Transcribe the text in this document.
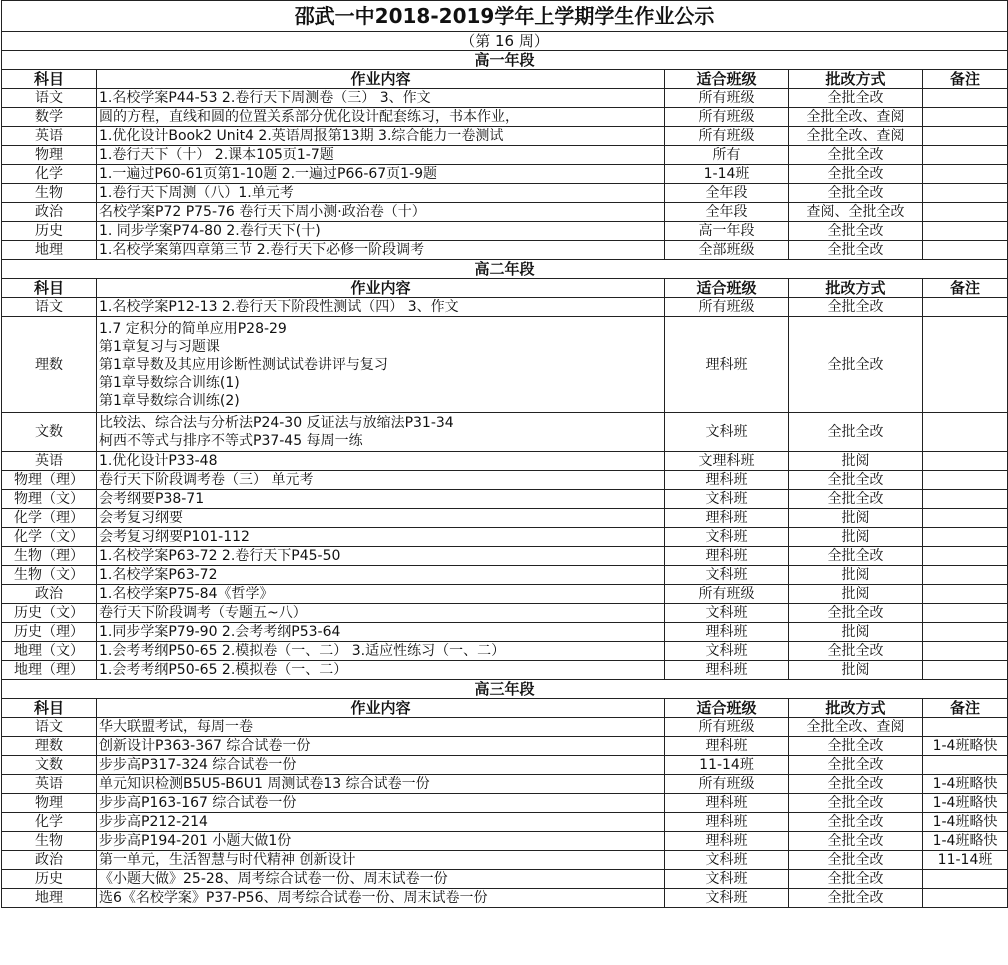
邵武一中2018-2019学年上学期学生作业公示				
（第 16 周）				
高一年段				
科目	作业内容	适合班级	批改方式	备注
语文	1.名校学案P44-53 2.卷行天下周测卷（三） 3、作文	所有班级	全批全改	
数学	圆的方程，直线和圆的位置关系部分优化设计配套练习，书本作业，	所有班级	全批全改、查阅	
英语	1.优化设计Book2 Unit4 2.英语周报第13期 3.综合能力一卷测试	所有班级	全批全改、查阅	
物理	1.卷行天下（十） 2.课本105页1-7题	所有	全批全改	
化学	1.一遍过P60-61页第1-10题 2.一遍过P66-67页1-9题	1-14班	全批全改	
生物	1.卷行天下周测（八）1.单元考	全年段	全批全改	
政治	名校学案P72 P75-76 卷行天下周小测·政治卷（十）	全年段	查阅、全批全改	
历史	1. 同步学案P74-80 2.卷行天下(十)	高一年段	全批全改	
地理	1.名校学案第四章第三节 2.卷行天下必修一阶段调考	全部班级	全批全改	
高二年段				
科目	作业内容	适合班级	批改方式	备注
语文	1.名校学案P12-13 2.卷行天下阶段性测试（四） 3、作文	所有班级	全批全改	
理数	1.7 定积分的简单应用P28-29
第1章复习与习题课
第1章导数及其应用诊断性测试试卷讲评与复习
第1章导数综合训练(1)
第1章导数综合训练(2)	理科班	全批全改	
文数	比较法、综合法与分析法P24-30 反证法与放缩法P31-34
柯西不等式与排序不等式P37-45 每周一练	文科班	全批全改	
英语	1.优化设计P33-48	文理科班	批阅	
物理（理）	卷行天下阶段调考卷（三） 单元考	理科班	全批全改	
物理（文）	会考纲要P38-71	文科班	全批全改	
化学（理）	会考复习纲要	理科班	批阅	
化学（文）	会考复习纲要P101-112	文科班	批阅	
生物（理）	1.名校学案P63-72 2.卷行天下P45-50	理科班	全批全改	
生物（文）	1.名校学案P63-72	文科班	批阅	
政治	1.名校学案P75-84《哲学》	所有班级	批阅	
历史（文）	卷行天下阶段调考（专题五~八）	文科班	全批全改	
历史（理）	1.同步学案P79-90 2.会考考纲P53-64	理科班	批阅	
地理（文）	1.会考考纲P50-65 2.模拟卷（一、二） 3.适应性练习（一、二）	文科班	全批全改	
地理（理）	1.会考考纲P50-65 2.模拟卷（一、二）	理科班	批阅	
高三年段				
科目	作业内容	适合班级	批改方式	备注
语文	华大联盟考试，每周一卷	所有班级	全批全改、查阅	
理数	创新设计P363-367 综合试卷一份	理科班	全批全改	1-4班略快
文数	步步高P317-324 综合试卷一份	11-14班	全批全改	
英语	单元知识检测B5U5-B6U1 周测试卷13 综合试卷一份	所有班级	全批全改	1-4班略快
物理	步步高P163-167 综合试卷一份	理科班	全批全改	1-4班略快
化学	步步高P212-214	理科班	全批全改	1-4班略快
生物	步步高P194-201 小题大做1份	理科班	全批全改	1-4班略快
政治	第一单元，生活智慧与时代精神 创新设计	文科班	全批全改	11-14班
历史	《小题大做》25-28、周考综合试卷一份、周末试卷一份	文科班	全批全改	
地理	选6《名校学案》P37-P56、周考综合试卷一份、周末试卷一份	文科班	全批全改	
